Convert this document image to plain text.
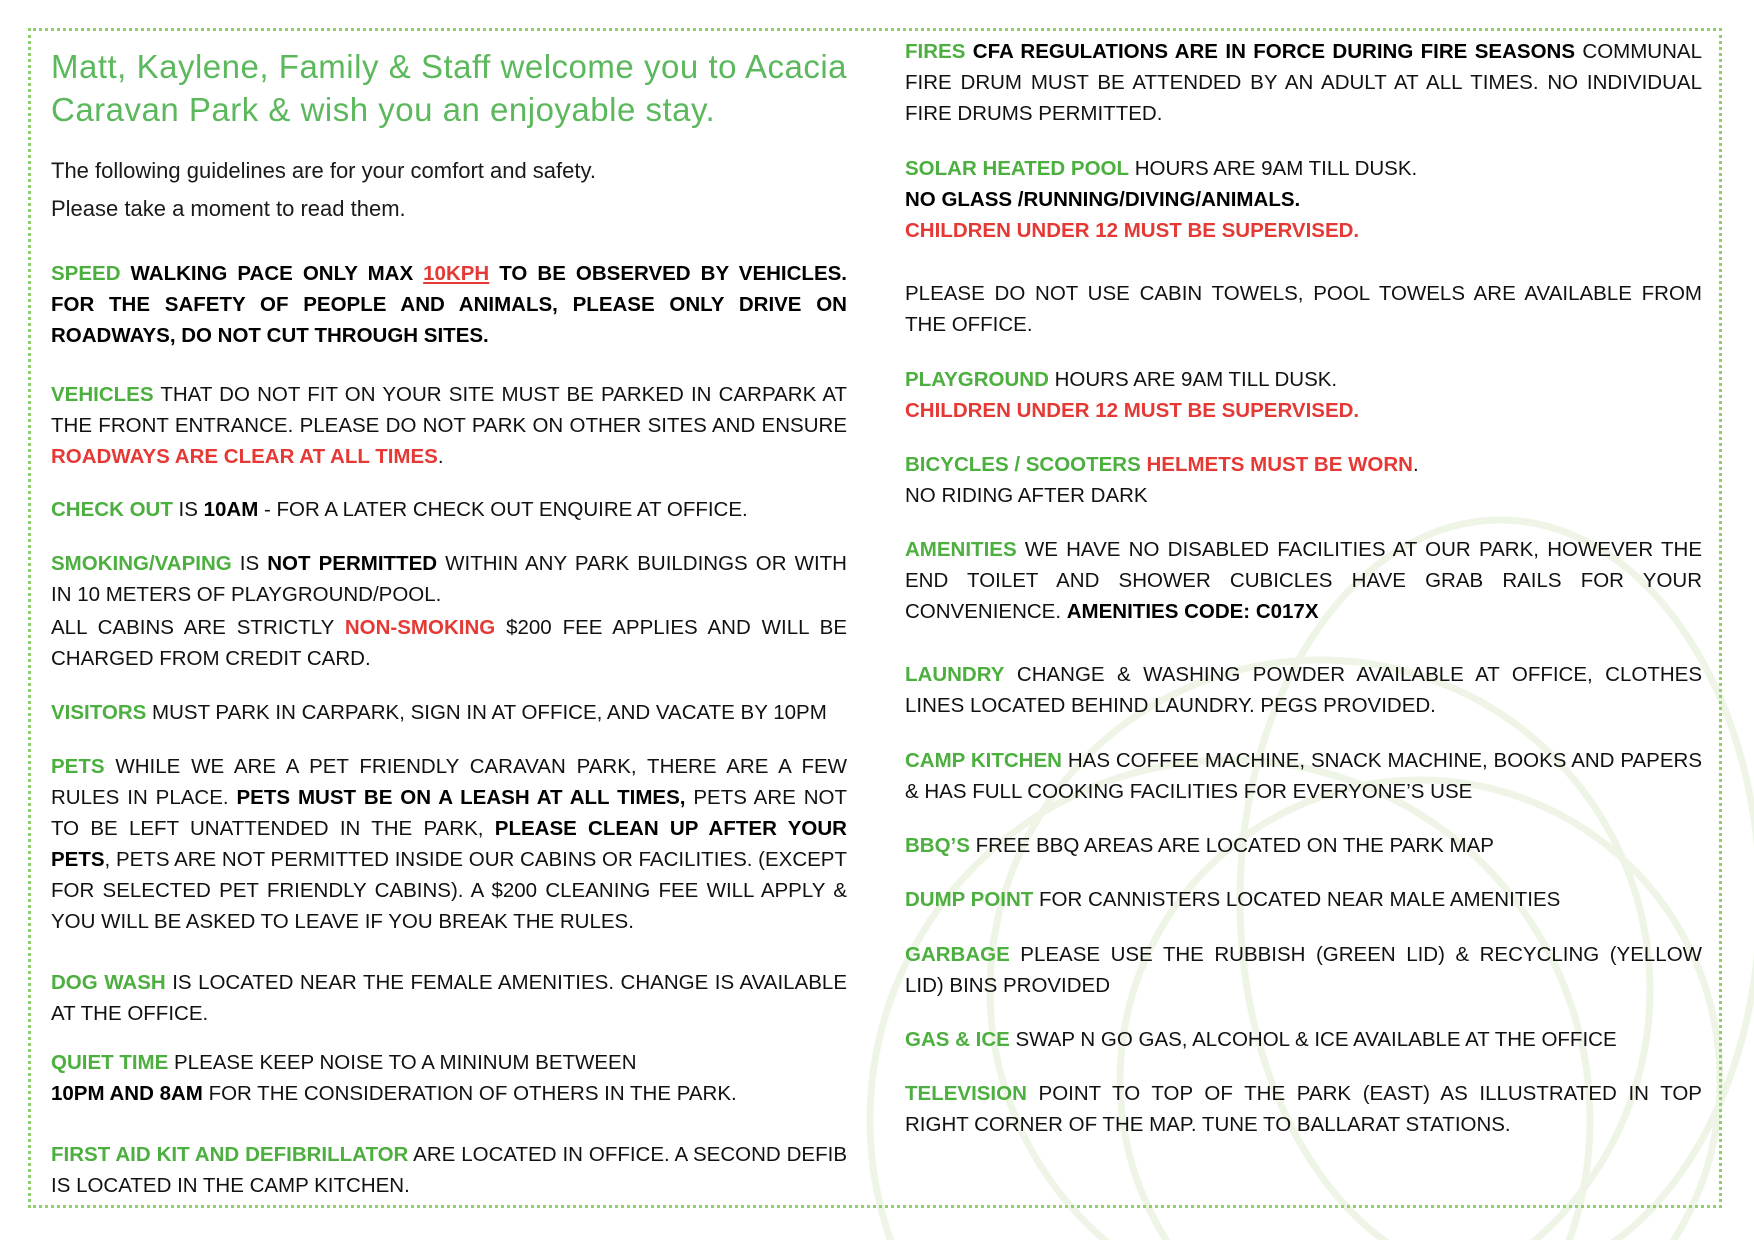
Matt, Kaylene, Family & Staff welcome you to Acacia Caravan Park & wish you an enjoyable stay.

The following guidelines are for your comfort and safety.
Please take a moment to read them.

SPEED WALKING PACE ONLY MAX 10KPH TO BE OBSERVED BY VEHICLES. FOR THE SAFETY OF PEOPLE AND ANIMALS, PLEASE ONLY DRIVE ON ROADWAYS, DO NOT CUT THROUGH SITES.

VEHICLES THAT DO NOT FIT ON YOUR SITE MUST BE PARKED IN CARPARK AT THE FRONT ENTRANCE. PLEASE DO NOT PARK ON OTHER SITES AND ENSURE ROADWAYS ARE CLEAR AT ALL TIMES.

CHECK OUT IS 10AM - FOR A LATER CHECK OUT ENQUIRE AT OFFICE.

SMOKING/VAPING IS NOT PERMITTED WITHIN ANY PARK BUILDINGS OR WITH IN 10 METERS OF PLAYGROUND/POOL.

ALL CABINS ARE STRICTLY NON-SMOKING $200 FEE APPLIES AND WILL BE CHARGED FROM CREDIT CARD.

VISITORS MUST PARK IN CARPARK, SIGN IN AT OFFICE, AND VACATE BY 10PM

PETS WHILE WE ARE A PET FRIENDLY CARAVAN PARK, THERE ARE A FEW RULES IN PLACE. PETS MUST BE ON A LEASH AT ALL TIMES, PETS ARE NOT TO BE LEFT UNATTENDED IN THE PARK, PLEASE CLEAN UP AFTER YOUR PETS, PETS ARE NOT PERMITTED INSIDE OUR CABINS OR FACILITIES. (EXCEPT FOR SELECTED PET FRIENDLY CABINS). A $200 CLEANING FEE WILL APPLY & YOU WILL BE ASKED TO LEAVE IF YOU BREAK THE RULES.

DOG WASH IS LOCATED NEAR THE FEMALE AMENITIES. CHANGE IS AVAILABLE AT THE OFFICE.

QUIET TIME PLEASE KEEP NOISE TO A MININUM BETWEEN
10PM AND 8AM FOR THE CONSIDERATION OF OTHERS IN THE PARK.

FIRST AID KIT AND DEFIBRILLATOR ARE LOCATED IN OFFICE. A SECOND DEFIB IS LOCATED IN THE CAMP KITCHEN.

FIRES CFA REGULATIONS ARE IN FORCE DURING FIRE SEASONS COMMUNAL FIRE DRUM MUST BE ATTENDED BY AN ADULT AT ALL TIMES. NO INDIVIDUAL FIRE DRUMS PERMITTED.

SOLAR HEATED POOL HOURS ARE 9AM TILL DUSK.
NO GLASS /RUNNING/DIVING/ANIMALS.
CHILDREN UNDER 12 MUST BE SUPERVISED.

PLEASE DO NOT USE CABIN TOWELS, POOL TOWELS ARE AVAILABLE FROM THE OFFICE.

PLAYGROUND HOURS ARE 9AM TILL DUSK.
CHILDREN UNDER 12 MUST BE SUPERVISED.

BICYCLES / SCOOTERS HELMETS MUST BE WORN.
NO RIDING AFTER DARK

AMENITIES WE HAVE NO DISABLED FACILITIES AT OUR PARK, HOWEVER THE END TOILET AND SHOWER CUBICLES HAVE GRAB RAILS FOR YOUR CONVENIENCE. AMENITIES CODE: C017X

LAUNDRY CHANGE & WASHING POWDER AVAILABLE AT OFFICE, CLOTHES LINES LOCATED BEHIND LAUNDRY. PEGS PROVIDED.

CAMP KITCHEN HAS COFFEE MACHINE, SNACK MACHINE, BOOKS AND PAPERS & HAS FULL COOKING FACILITIES FOR EVERYONE’S USE

BBQ’S FREE BBQ AREAS ARE LOCATED ON THE PARK MAP

DUMP POINT FOR CANNISTERS LOCATED NEAR MALE AMENITIES

GARBAGE PLEASE USE THE RUBBISH (GREEN LID) & RECYCLING (YELLOW LID) BINS PROVIDED

GAS & ICE SWAP N GO GAS, ALCOHOL & ICE AVAILABLE AT THE OFFICE

TELEVISION POINT TO TOP OF THE PARK (EAST) AS ILLUSTRATED IN TOP RIGHT CORNER OF THE MAP. TUNE TO BALLARAT STATIONS.
